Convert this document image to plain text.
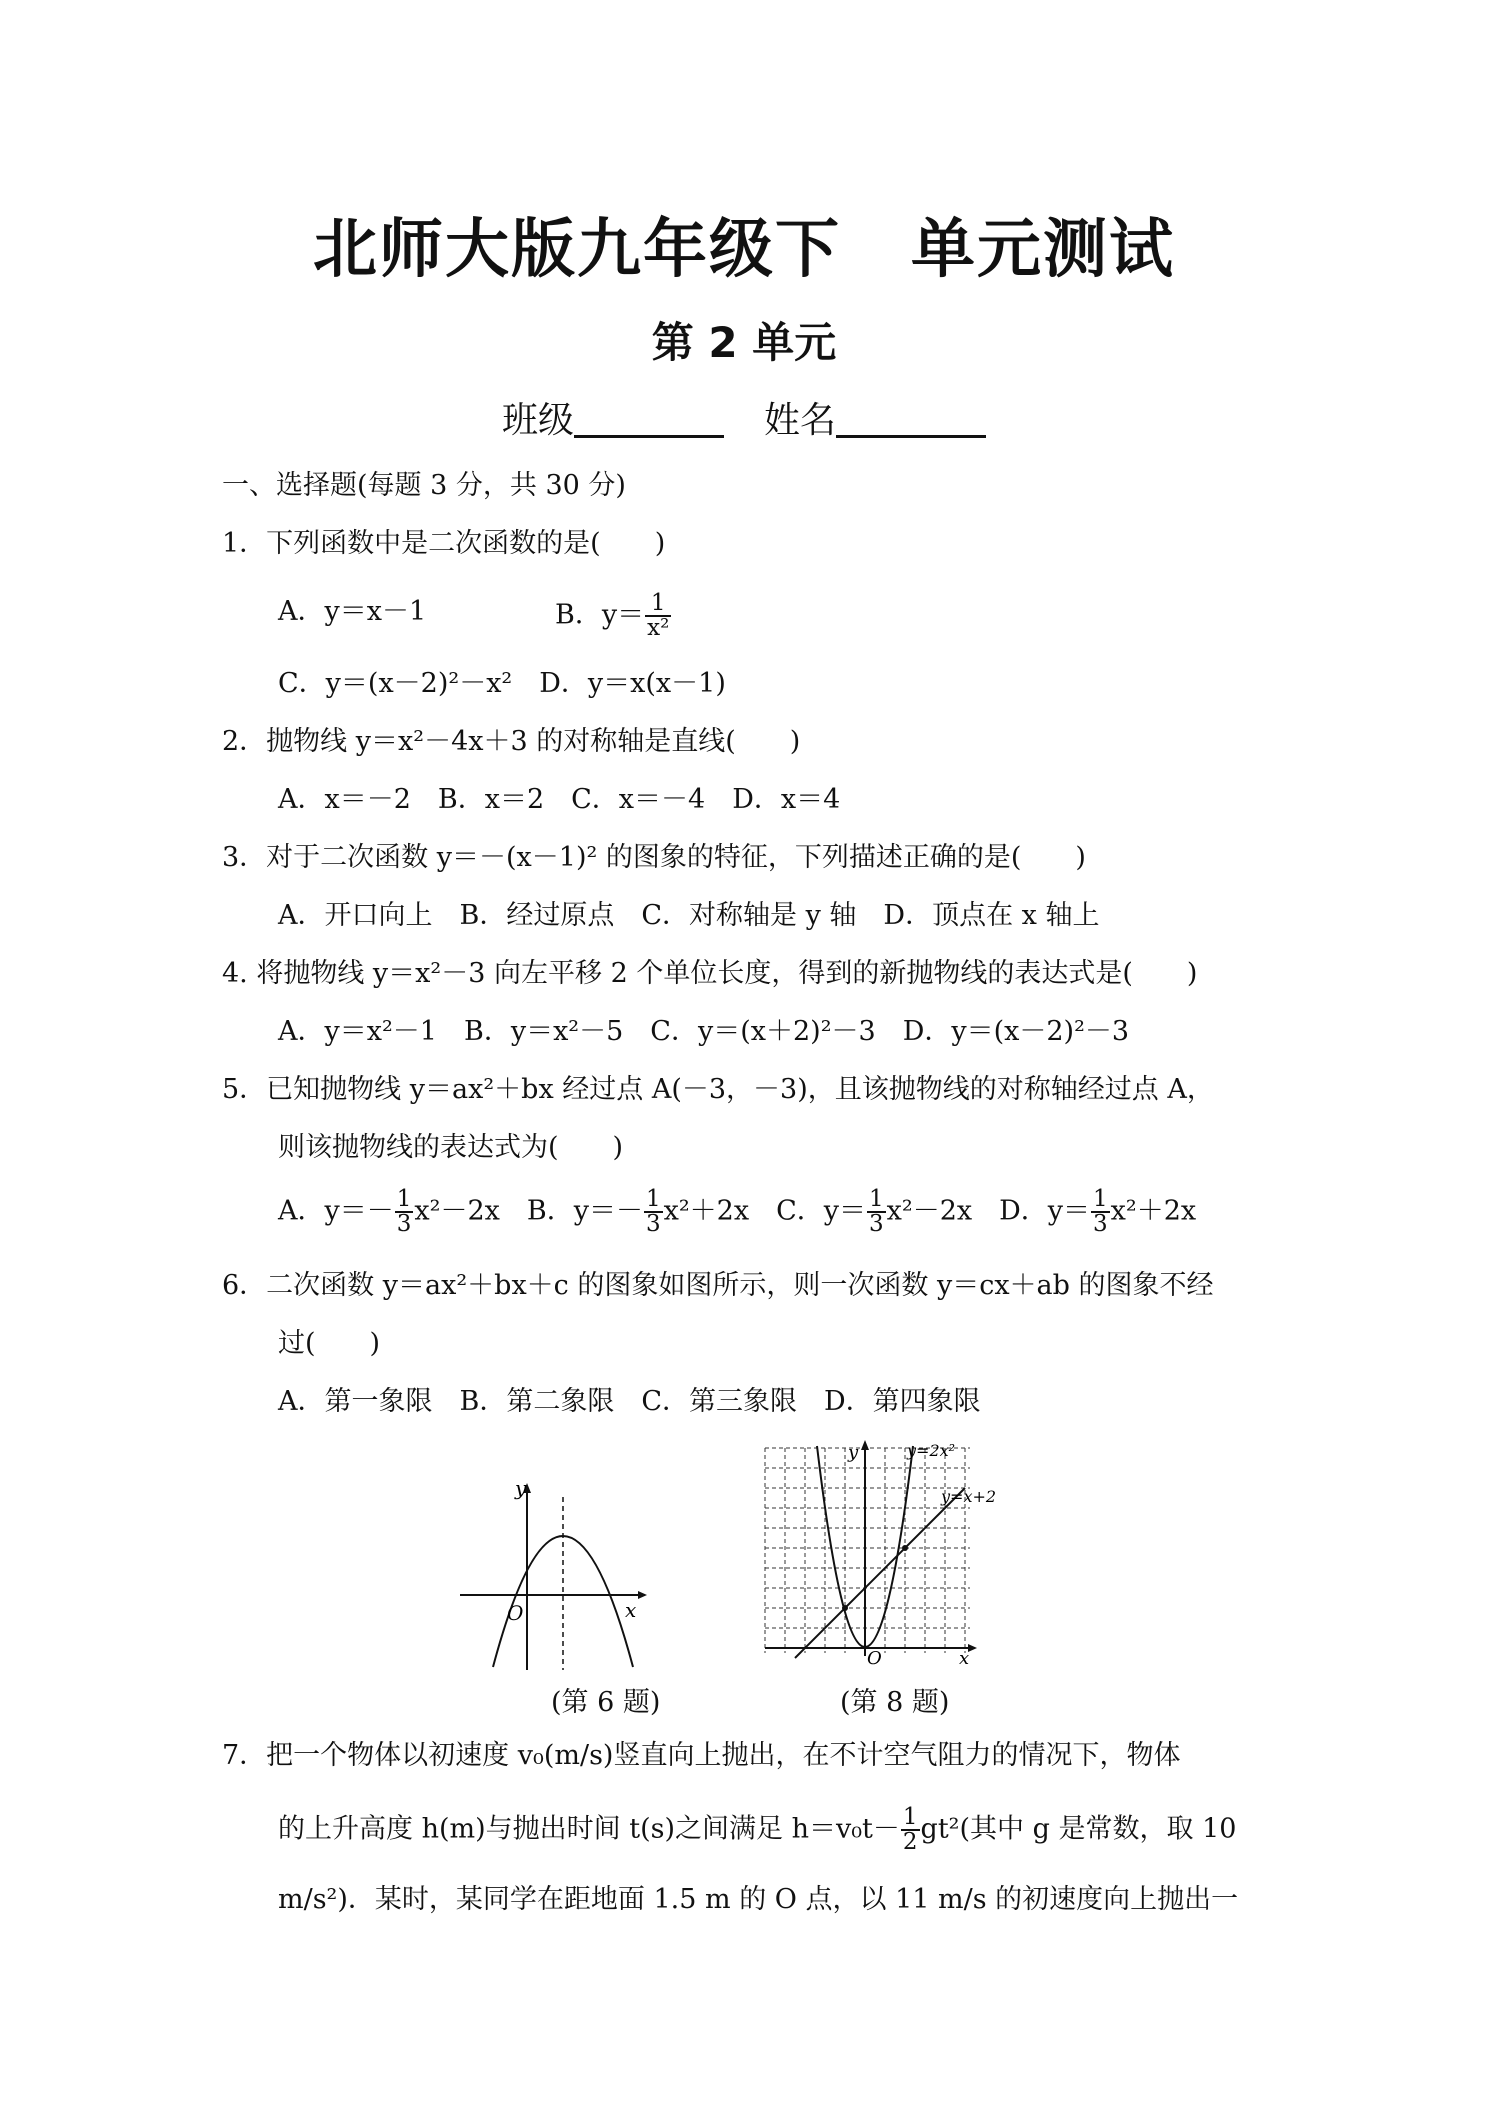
北师大版九年级下 单元测试
第 2 单元
班级	姓名
一、选择题(每题 3 分，共 30 分)
1．下列函数中是二次函数的是(　　)
A．y＝x－1	B．$y= \frac{1}{\text{x²}}$
C．y＝(x－2)²－x²　D．y＝x(x－1)
2．抛物线 y＝x²－4x＋3 的对称轴是直线(　　)
A．x＝－2　B．x＝2　C．x＝－4　D．x＝4
3．对于二次函数 y＝－(x－1)² 的图象的特征，下列描述正确的是(　　)
A．开口向上　B．经过原点　C．对称轴是 y 轴　D．顶点在 x 轴上
4. 将抛物线 y＝x²－3 向左平移 2 个单位长度，得到的新抛物线的表达式是(　　)
A．y＝x²－1　B．y＝x²－5　C．y＝(x＋2)²－3　D．y＝(x－2)²－3
5．已知抛物线 y＝ax²＋bx 经过点 A(－3，－3)，且该抛物线的对称轴经过点 A，
则该抛物线的表达式为(　　)
A．$y=- \frac{1}{3} x^2-2x$　 B．$y=- \frac{1}{3} x^2+2x$　 C．$y= \frac{1}{3} x^2-2x$　 D．$y= \frac{1}{3} x^2+2x$
6．二次函数 y＝ax²＋bx＋c 的图象如图所示，则一次函数 y＝cx＋ab 的图象不经
过(　　)
A．第一象限　B．第二象限　C．第三象限　D．第四象限
y
x
O
(第 6 题)
y
x
O
y=2x²
y=x+2
(第 8 题)
7．把一个物体以初速度 v₀(m/s)竖直向上抛出，在不计空气阻力的情况下，物体
的上升高度 h(m)与抛出时间 t(s)之间满足 $h=v_0t- \frac{1}{2} gt^2$(其中 g 是常数，取 10
m/s²)．某时，某同学在距地面 1.5 m 的 O 点，以 11 m/s 的初速度向上抛出一
